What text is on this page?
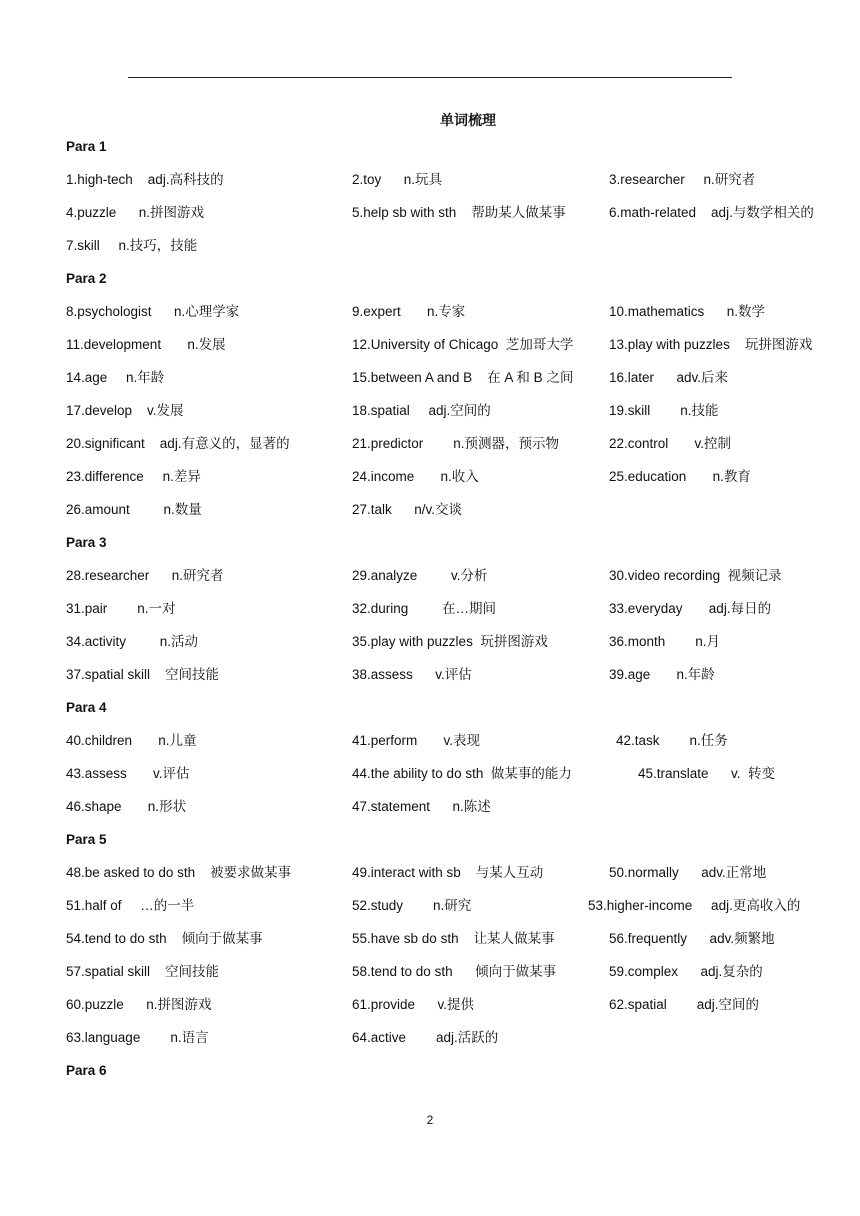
单词梳理
Para 1
1.high-tech    adj.高科技的	2.toy      n.玩具	3.researcher     n.研究者
4.puzzle      n.拼图游戏	5.help sb with sth    帮助某人做某事	6.math-related    adj.与数学相关的
7.skill     n.技巧，技能
Para 2
8.psychologist      n.心理学家	9.expert       n.专家	10.mathematics      n.数学
11.development       n.发展	12.University of Chicago  芝加哥大学	13.play with puzzles    玩拼图游戏
14.age     n.年龄	15.between A and B    在 A 和 B 之间	16.later      adv.后来
17.develop    v.发展	18.spatial     adj.空间的	19.skill        n.技能
20.significant    adj.有意义的，显著的	21.predictor        n.预测器，预示物	22.control       v.控制
23.difference     n.差异	24.income       n.收入	25.education       n.教育
26.amount         n.数量	27.talk      n/v.交谈
Para 3
28.researcher      n.研究者	29.analyze         v.分析	30.video recording  视频记录
31.pair        n.一对	32.during         在…期间	33.everyday       adj.每日的
34.activity         n.活动	35.play with puzzles  玩拼图游戏	36.month        n.月
37.spatial skill    空间技能	38.assess      v.评估	39.age       n.年龄
Para 4
40.children       n.儿童	41.perform       v.表现	42.task        n.任务
43.assess       v.评估	44.the ability to do sth  做某事的能力	45.translate      v.  转变
46.shape       n.形状	47.statement      n.陈述
Para 5
48.be asked to do sth    被要求做某事	49.interact with sb    与某人互动	50.normally      adv.正常地
51.half of     …的一半	52.study        n.研究	53.higher-income     adj.更高收入的
54.tend to do sth    倾向于做某事	55.have sb do sth    让某人做某事	56.frequently      adv.频繁地
57.spatial skill    空间技能	58.tend to do sth      倾向于做某事	59.complex      adj.复杂的
60.puzzle      n.拼图游戏	61.provide      v.提供	62.spatial        adj.空间的
63.language        n.语言	64.active        adj.活跃的
Para 6
2
